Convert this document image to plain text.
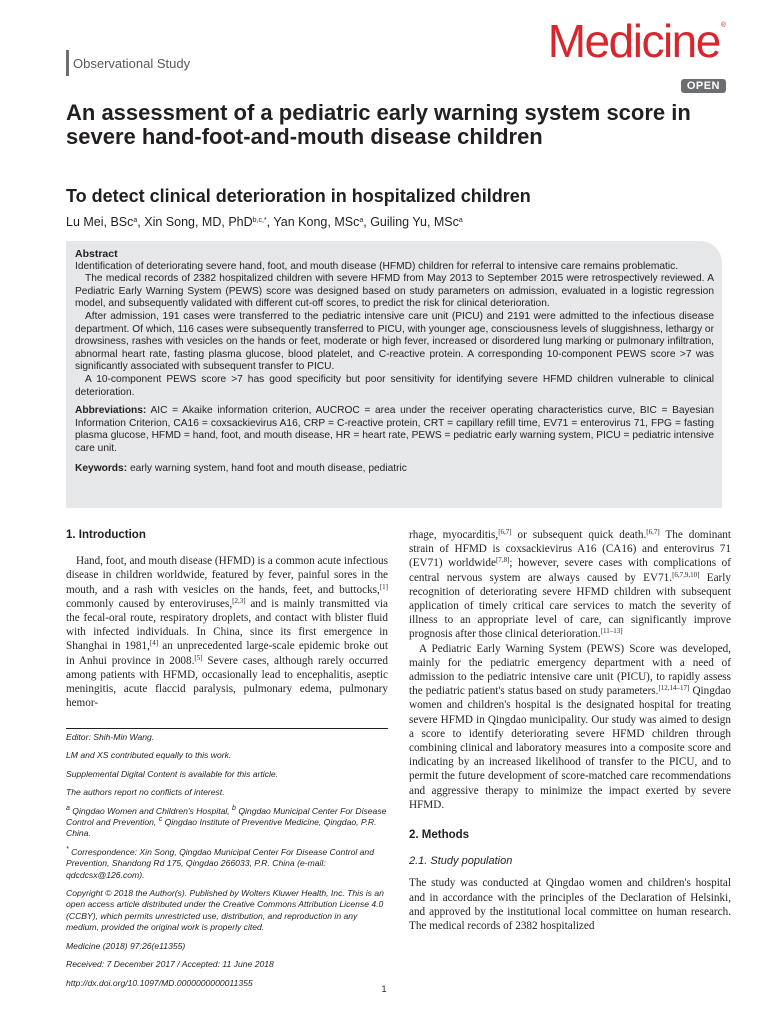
Observational Study	Medicine®
OPEN
An assessment of a pediatric early warning system score in severe hand-foot-and-mouth disease children
To detect clinical deterioration in hospitalized children
Lu Mei, BSc$^a$, Xin Song, MD, PhD$^{b,c,*}$, Yan Kong, MSc$^a$, Guiling Yu, MSc$^a$
Abstract

Identification of deteriorating severe hand, foot, and mouth disease (HFMD) children for referral to intensive care remains problematic.

The medical records of 2382 hospitalized children with severe HFMD from May 2013 to September 2015 were retrospectively reviewed. A Pediatric Early Warning System (PEWS) score was designed based on study parameters on admission, evaluated in a logistic regression model, and subsequently validated with different cut-off scores, to predict the risk for clinical deterioration.

After admission, 191 cases were transferred to the pediatric intensive care unit (PICU) and 2191 were admitted to the infectious disease department. Of which, 116 cases were subsequently transferred to PICU, with younger age, consciousness levels of sluggishness, lethargy or drowsiness, rashes with vesicles on the hands or feet, moderate or high fever, increased or disordered lung marking or pulmonary infiltration, abnormal heart rate, fasting plasma glucose, blood platelet, and C-reactive protein. A corresponding 10-component PEWS score >7 was significantly associated with subsequent transfer to PICU.

A 10-component PEWS score >7 has good specificity but poor sensitivity for identifying severe HFMD children vulnerable to clinical deterioration.

Abbreviations: AIC = Akaike information criterion, AUCROC = area under the receiver operating characteristics curve, BIC = Bayesian Information Criterion, CA16 = coxsackievirus A16, CRP = C-reactive protein, CRT = capillary refill time, EV71 = enterovirus 71, FPG = fasting plasma glucose, HFMD = hand, foot, and mouth disease, HR = heart rate, PEWS = pediatric early warning system, PICU = pediatric intensive care unit.

Keywords: early warning system, hand foot and mouth disease, pediatric

1. Introduction

Hand, foot, and mouth disease (HFMD) is a common acute infectious disease in children worldwide, featured by fever, painful sores in the mouth, and a rash with vesicles on the hands, feet, and buttocks,[1] commonly caused by enteroviruses,[2,3] and is mainly transmitted via the fecal-oral route, respiratory droplets, and contact with blister fluid with infected individuals. In China, since its first emergence in Shanghai in 1981,[4] an unprecedented large-scale epidemic broke out in Anhui province in 2008.[5] Severe cases, although rarely occurred among patients with HFMD, occasionally lead to encephalitis, aseptic meningitis, acute flaccid paralysis, pulmonary edema, pulmonary hemor-

Editor: Shih-Min Wang.

LM and XS contributed equally to this work.

Supplemental Digital Content is available for this article.

The authors report no conflicts of interest.

$^a$ Qingdao Women and Children's Hospital, $^b$ Qingdao Municipal Center For Disease Control and Prevention, $^c$ Qingdao Institute of Preventive Medicine, Qingdao, P.R. China.

* Correspondence: Xin Song, Qingdao Municipal Center For Disease Control and Prevention, Shandong Rd 175, Qingdao 266033, P.R. China (e-mail: qdcdcsx@126.com).

Copyright © 2018 the Author(s). Published by Wolters Kluwer Health, Inc. This is an open access article distributed under the Creative Commons Attribution License 4.0 (CCBY), which permits unrestricted use, distribution, and reproduction in any medium, provided the original work is properly cited.

Medicine (2018) 97:26(e11355)

Received: 7 December 2017 / Accepted: 11 June 2018

http://dx.doi.org/10.1097/MD.0000000000011355

rhage, myocarditis,[6,7] or subsequent quick death.[6,7] The dominant strain of HFMD is coxsackievirus A16 (CA16) and enterovirus 71 (EV71) worldwide[7,8]; however, severe cases with complications of central nervous system are always caused by EV71.[6,7,9,10] Early recognition of deteriorating severe HFMD children with subsequent application of timely critical care services to match the severity of illness to an appropriate level of care, can significantly improve prognosis after those clinical deterioration.[11–13]

A Pediatric Early Warning System (PEWS) Score was developed, mainly for the pediatric emergency department with a need of admission to the pediatric intensive care unit (PICU), to rapidly assess the pediatric patient's status based on study parameters.[12,14–17] Qingdao women and children's hospital is the designated hospital for treating severe HFMD in Qingdao municipality. Our study was aimed to design a score to identify deteriorating severe HFMD children through combining clinical and laboratory measures into a composite score and indicating by an increased likelihood of transfer to the PICU, and to permit the future development of score-matched care recommendations and aggressive therapy to minimize the impact exerted by severe HFMD.

2. Methods
2.1. Study population

The study was conducted at Qingdao women and children's hospital and in accordance with the principles of the Declaration of Helsinki, and approved by the institutional local committee on human research. The medical records of 2382 hospitalized

1
